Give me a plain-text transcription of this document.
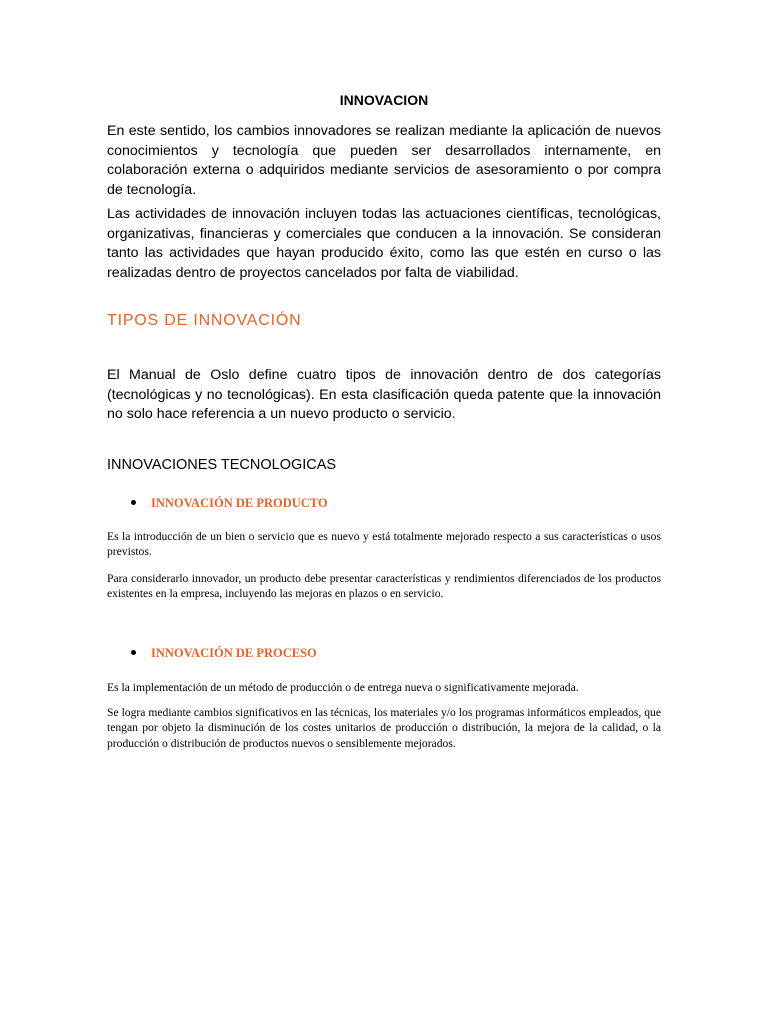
INNOVACION

En este sentido, los cambios innovadores se realizan mediante la aplicación de nuevos conocimientos y tecnología que pueden ser desarrollados internamente, en colaboración externa o adquiridos mediante servicios de asesoramiento o por compra de tecnología.

Las actividades de innovación incluyen todas las actuaciones científicas, tecnológicas, organizativas, financieras y comerciales que conducen a la innovación. Se consideran tanto las actividades que hayan producido éxito, como las que estén en curso o las realizadas dentro de proyectos cancelados por falta de viabilidad.

TIPOS DE INNOVACIÓN

El Manual de Oslo define cuatro tipos de innovación dentro de dos categorías (tecnológicas y no tecnológicas). En esta clasificación queda patente que la innovación no solo hace referencia a un nuevo producto o servicio.

INNOVACIONES TECNOLOGICAS
INNOVACIÓN DE PRODUCTO

Es la introducción de un bien o servicio que es nuevo y está totalmente mejorado respecto a sus características o usos previstos.

Para considerarlo innovador, un producto debe presentar características y rendimientos diferenciados de los productos existentes en la empresa, incluyendo las mejoras en plazos o en servicio.

INNOVACIÓN DE PROCESO

Es la implementación de un método de producción o de entrega nueva o significativamente mejorada.

Se logra mediante cambios significativos en las técnicas, los materiales y/o los programas informáticos empleados, que tengan por objeto la disminución de los costes unitarios de producción o distribución, la mejora de la calidad, o la producción o distribución de productos nuevos o sensiblemente mejorados.
